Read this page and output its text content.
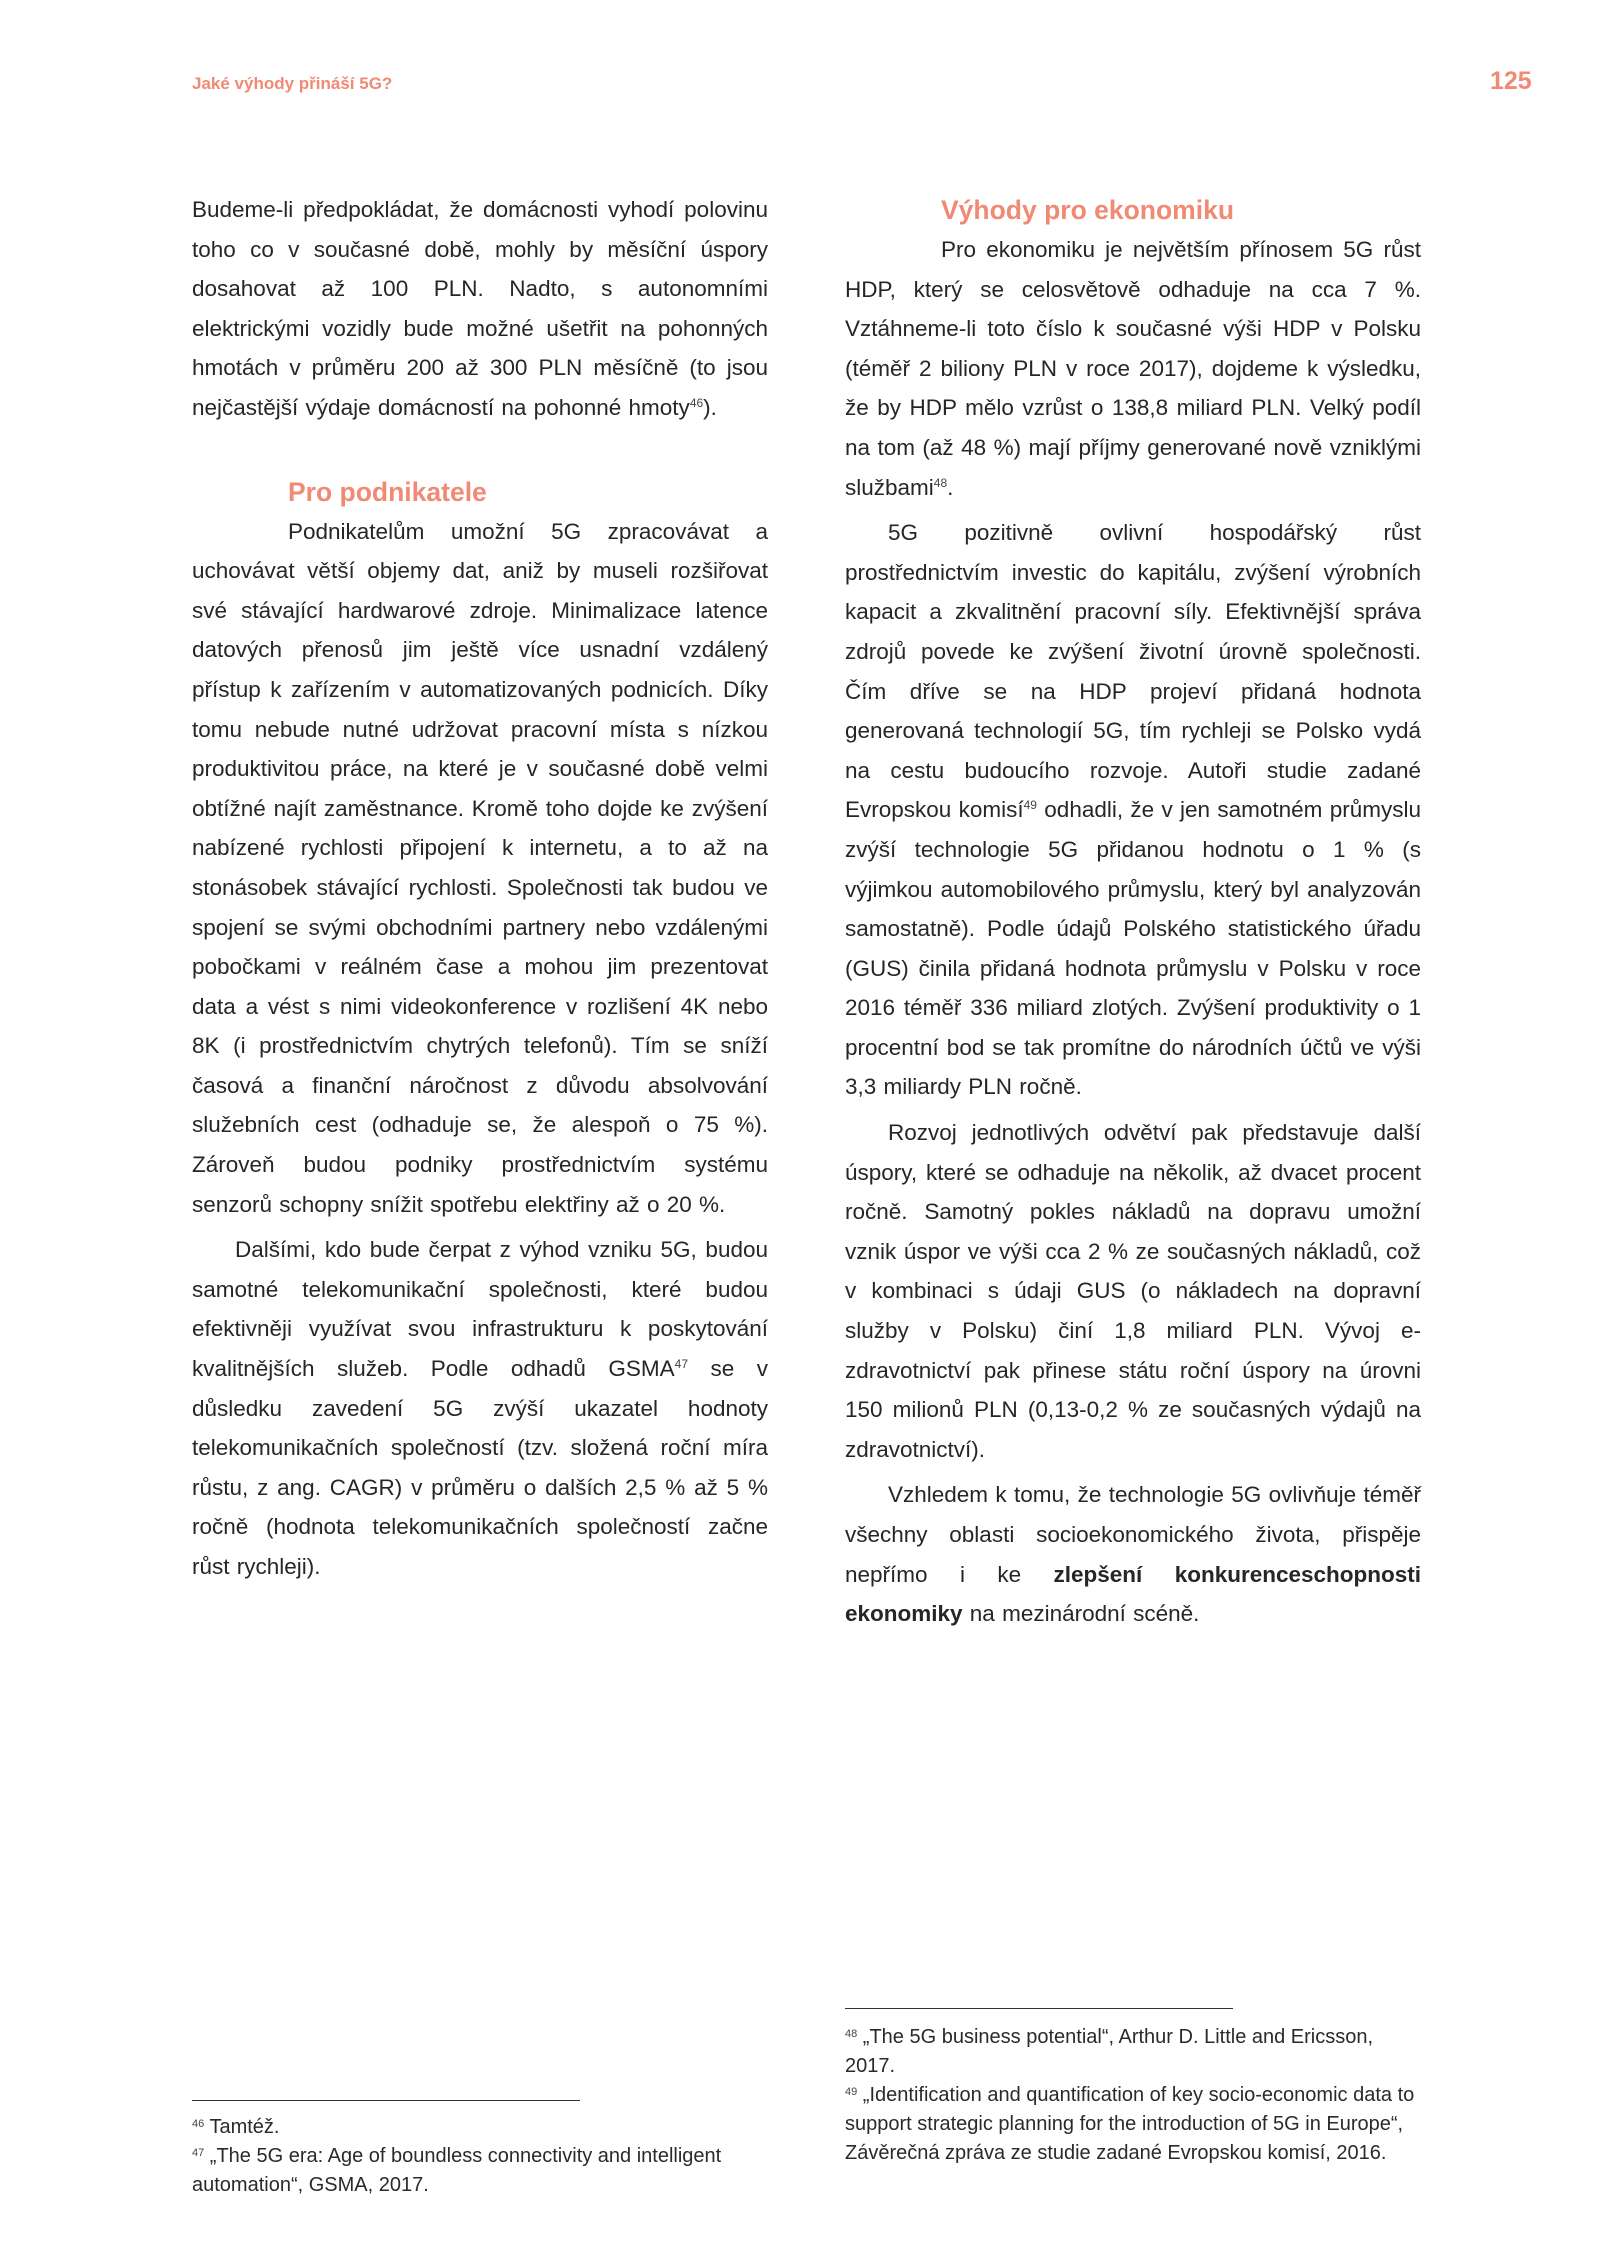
Jaké výhody přináší 5G?	125

Budeme-li předpokládat, že domácnosti vyhodí polovinu toho co v současné době, mohly by měsíční úspory dosahovat až 100 PLN. Nadto, s autonomními elektrickými vozidly bude možné ušetřit na pohonných hmotách v průměru 200 až 300 PLN měsíčně (to jsou nejčastější výdaje domácností na pohonné hmoty$^{46}$).

Pro podnikatele

Podnikatelům umožní 5G zpracovávat a uchovávat větší objemy dat, aniž by museli rozšiřovat své stávající hardwarové zdroje. Minimalizace latence datových přenosů jim ještě více usnadní vzdálený přístup k zařízením v automatizovaných podnicích. Díky tomu nebude nutné udržovat pracovní místa s nízkou produktivitou práce, na které je v současné době velmi obtížné najít zaměstnance. Kromě toho dojde ke zvýšení nabízené rychlosti připojení k internetu, a to až na stonásobek stávající rychlosti. Společnosti tak budou ve spojení se svými obchodními partnery nebo vzdálenými pobočkami v reálném čase a mohou jim prezentovat data a vést s nimi videokonference v rozlišení 4K nebo 8K (i prostřednictvím chytrých telefonů). Tím se sníží časová a finanční náročnost z důvodu absolvování služebních cest (odhaduje se, že alespoň o 75 %). Zároveň budou podniky prostřednictvím systému senzorů schopny snížit spotřebu elektřiny až o 20 %.

Dalšími, kdo bude čerpat z výhod vzniku 5G, budou samotné telekomunikační společnosti, které budou efektivněji využívat svou infrastrukturu k poskytování kvalitnějších služeb. Podle odhadů GSMA$^{47}$ se v důsledku zavedení 5G zvýší ukazatel hodnoty telekomunikačních společností (tzv. složená roční míra růstu, z ang. CAGR) v průměru o dalších 2,5 % až 5 % ročně (hodnota telekomunikačních společností začne růst rychleji).

Výhody pro ekonomiku

Pro ekonomiku je největším přínosem 5G růst HDP, který se celosvětově odhaduje na cca 7 %. Vztáhneme-li toto číslo k současné výši HDP v Polsku (téměř 2 biliony PLN v roce 2017), dojdeme k výsledku, že by HDP mělo vzrůst o 138,8 miliard PLN. Velký podíl na tom (až 48 %) mají příjmy generované nově vzniklými službami$^{48}$.

5G pozitivně ovlivní hospodářský růst prostřednictvím investic do kapitálu, zvýšení výrobních kapacit a zkvalitnění pracovní síly. Efektivnější správa zdrojů povede ke zvýšení životní úrovně společnosti. Čím dříve se na HDP projeví přidaná hodnota generovaná technologií 5G, tím rychleji se Polsko vydá na cestu budoucího rozvoje. Autoři studie zadané Evropskou komisí$^{49}$ odhadli, že v jen samotném průmyslu zvýší technologie 5G přidanou hodnotu o 1 % (s výjimkou automobilového průmyslu, který byl analyzován samostatně). Podle údajů Polského statistického úřadu (GUS) činila přidaná hodnota průmyslu v Polsku v roce 2016 téměř 336 miliard zlotých. Zvýšení produktivity o 1 procentní bod se tak promítne do národních účtů ve výši 3,3 miliardy PLN ročně.

Rozvoj jednotlivých odvětví pak představuje další úspory, které se odhaduje na několik, až dvacet procent ročně. Samotný pokles nákladů na dopravu umožní vznik úspor ve výši cca 2 % ze současných nákladů, což v kombinaci s údaji GUS (o nákladech na dopravní služby v Polsku) činí 1,8 miliard PLN. Vývoj e-zdravotnictví pak přinese státu roční úspory na úrovni 150 milionů PLN (0,13-0,2 % ze současných výdajů na zdravotnictví).

Vzhledem k tomu, že technologie 5G ovlivňuje téměř všechny oblasti socioekonomického života, přispěje nepřímo i ke zlepšení konkurenceschopnosti ekonomiky na mezinárodní scéně.

$^{46}$ Tamtéž.

$^{47}$ „The 5G era: Age of boundless connectivity and intelligent automation“, GSMA, 2017.

$^{48}$ „The 5G business potential“, Arthur D. Little and Ericsson, 2017.

$^{49}$ „Identification and quantification of key socio-economic data to support strategic planning for the introduction of 5G in Europe“, Závěrečná zpráva ze studie zadané Evropskou komisí, 2016.
